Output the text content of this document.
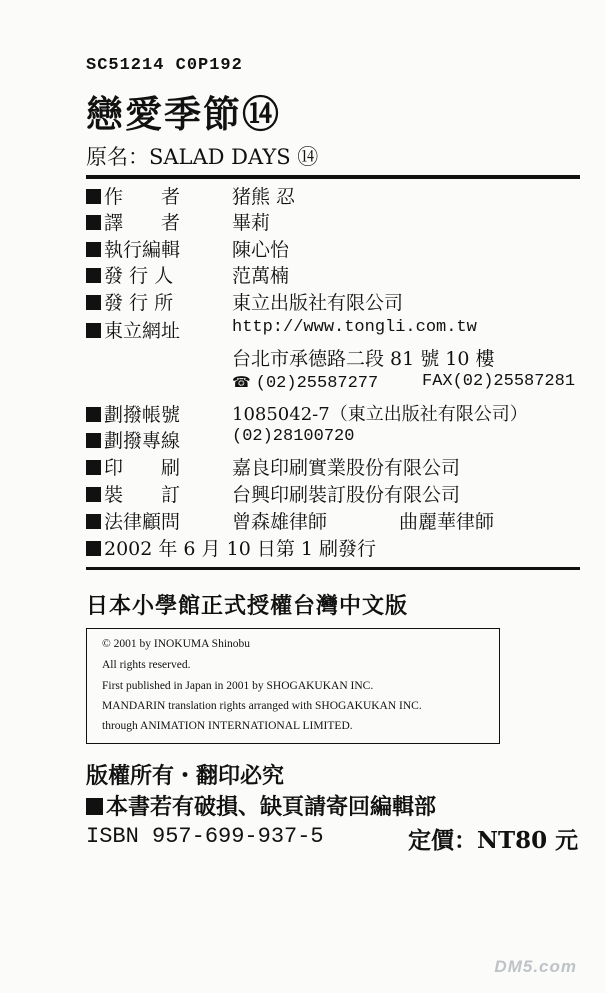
SC51214 C0P192
戀愛季節⑭
原名：SALAD DAYS ⑭
作　　者	猪熊 忍
譯　　者	畢莉
執行編輯	陳心怡
發 行 人	范萬楠
發 行 所	東立出版社有限公司
東立網址	http://www.tongli.com.tw
台北市承德路二段 81 號 10 樓
☎ (02)25587277	FAX(02)25587281
劃撥帳號	1085042-7（東立出版社有限公司）
劃撥專線	(02)28100720
印　　刷	嘉良印刷實業股份有限公司
裝　　訂	台興印刷裝訂股份有限公司
法律顧問	曾森雄律師	曲麗華律師
2002 年 6 月 10 日第 1 刷發行
日本小學館正式授權台灣中文版
© 2001 by INOKUMA Shinobu
All rights reserved.
First published in Japan in 2001 by SHOGAKUKAN INC.
MANDARIN translation rights arranged with SHOGAKUKAN INC.
through ANIMATION INTERNATIONAL LIMITED.
版權所有・翻印必究
本書若有破損、缺頁請寄回編輯部
ISBN 957-699-937-5	定價：NT80 元
DM5.com
